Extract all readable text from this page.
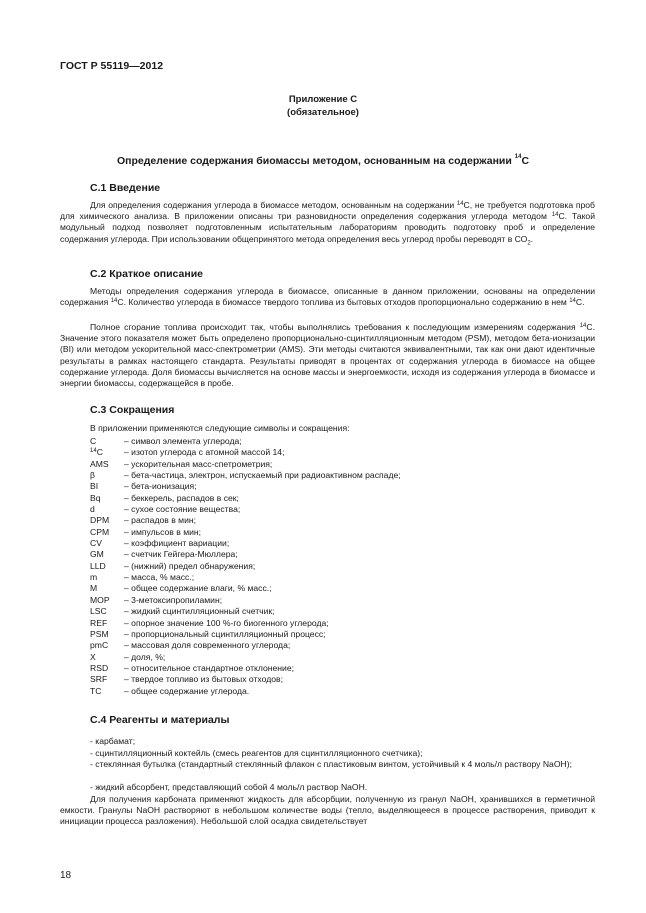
ГОСТ Р 55119—2012
Приложение С
(обязательное)
Определение содержания биомассы методом, основанным на содержании $^{14}$С
С.1 Введение

Для определения содержания углерода в биомассе методом, основанным на содержании $^{14}$С, не требуется подготовка проб для химического анализа. В приложении описаны три разновидности определения содержания углерода методом $^{14}$С. Такой модульный подход позволяет подготовленным испытательным лабораториям проводить подготовку проб и определение содержания углерода. При использовании общепринятого метода определения весь углерод пробы переводят в $СО_2$.

С.2 Краткое описание

Методы определения содержания углерода в биомассе, описанные в данном приложении, основаны на определении содержания $^{14}$С. Количество углерода в биомассе твердого топлива из бытовых отходов пропорционально содержанию в нем $^{14}$С.

Полное сгорание топлива происходит так, чтобы выполнялись требования к последующим измерениям содержания $^{14}$С. Значение этого показателя может быть определено пропорционально-сцинтилляционным методом (PSM), методом бета-ионизации (BI) или методом ускорительной масс-спектрометрии (AMS). Эти методы считаются эквивалентными, так как они дают идентичные результаты в рамках настоящего стандарта. Результаты приводят в процентах от содержания углерода в биомассе на общее содержание углерода. Доля биомассы вычисляется на основе массы и энергоемкости, исходя из содержания углерода в биомассе и энергии биомассы, содержащейся в пробе.

С.3 Сокращения
В приложении применяются следующие символы и сокращения:
С	– символ элемента углерода;
$^{14}$С	– изотоп углерода с атомной массой 14;
AMS	– ускорительная масс-спетрометрия;
β	– бета-частица, электрон, испускаемый при радиоактивном распаде;
BI	– бета-ионизация;
Bq	– беккерель, распадов в сек;
d	– сухое состояние вещества;
DPM	– распадов в мин;
CPM	– импульсов в мин;
CV	– коэффициент вариации;
GM	– счетчик Гейгера-Мюллера;
LLD	– (нижний) предел обнаружения;
m	– масса, % масс.;
M	– общее содержание влаги, % масс.;
MOP	– 3-метоксипропиламин;
LSC	– жидкий сцинтилляционный счетчик;
REF	– опорное значение 100 %-го биогенного углерода;
PSM	– пропорциональный сцинтилляционный процесс;
pmC	– массовая доля современного углерода;
X	– доля, %;
RSD	– относительное стандартное отклонение;
SRF	– твердое топливо из бытовых отходов;
TC	– общее содержание углерода.
С.4 Реагенты и материалы

- карбамат;

- сцинтилляционный коктейль (смесь реагентов для сцинтилляционного счетчика);

- стеклянная бутылка (стандартный стеклянный флакон с пластиковым винтом, устойчивый к 4 моль/л раствору NaOH);

- жидкий абсорбент, представляющий собой 4 моль/л раствор NaOH.

Для получения карбоната применяют жидкость для абсорбции, полученную из гранул NaOH, хранившихся в герметичной емкости. Гранулы NaOH растворяют в небольшом количестве воды (тепло, выделяющееся в процессе растворения, приводит к инициации процесса разложения). Небольшой слой осадка свидетельствует

18
